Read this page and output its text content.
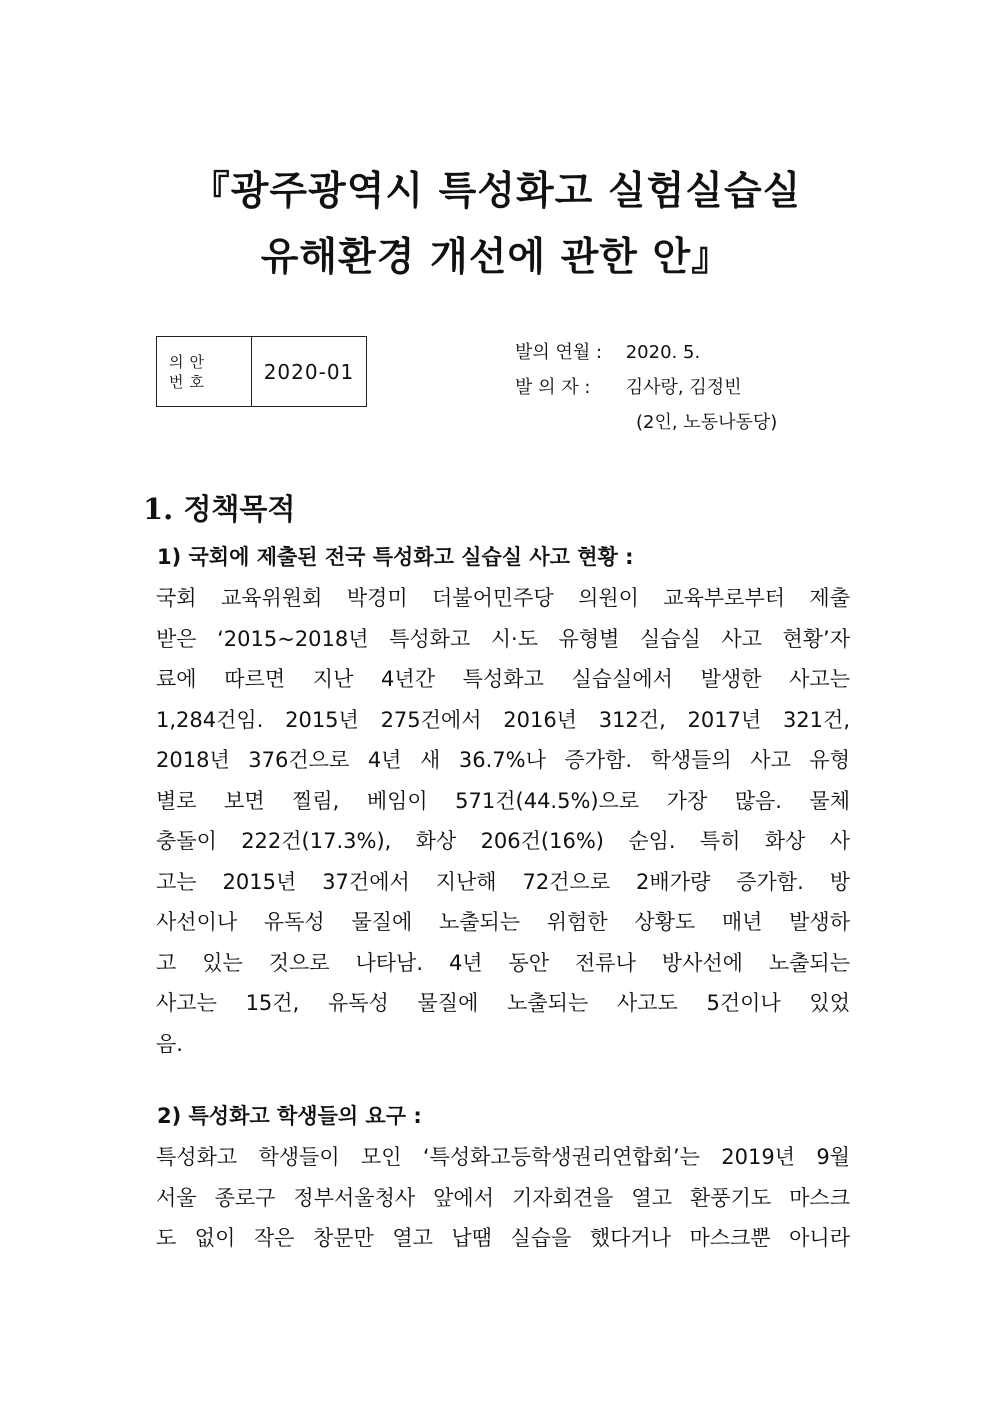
『광주광역시 특성화고 실험실습실
유해환경 개선에 관한 안』
의안
번호	2020-01
발의 연월 : 2020. 5.
발 의 자 : 김사랑, 김정빈
(2인, 노동나동당)
1. 정책목적
1) 국회에 제출된 전국 특성화고 실습실 사고 현황 :
국회 교육위원회 박경미 더불어민주당 의원이 교육부로부터 제출
받은 ‘2015~2018년 특성화고 시·도 유형별 실습실 사고 현황’자
료에 따르면 지난 4년간 특성화고 실습실에서 발생한 사고는
1,284건임. 2015년 275건에서 2016년 312건, 2017년 321건,
2018년 376건으로 4년 새 36.7%나 증가함. 학생들의 사고 유형
별로 보면 찔림, 베임이 571건(44.5%)으로 가장 많음. 물체
충돌이 222건(17.3%), 화상 206건(16%) 순임. 특히 화상 사
고는 2015년 37건에서 지난해 72건으로 2배가량 증가함. 방
사선이나 유독성 물질에 노출되는 위험한 상황도 매년 발생하
고 있는 것으로 나타남. 4년 동안 전류나 방사선에 노출되는
사고는 15건, 유독성 물질에 노출되는 사고도 5건이나 있었
음.
2) 특성화고 학생들의 요구 :
특성화고 학생들이 모인 ‘특성화고등학생권리연합회’는 2019년 9월
서울 종로구 정부서울청사 앞에서 기자회견을 열고 환풍기도 마스크
도 없이 작은 창문만 열고 납땜 실습을 했다거나 마스크뿐 아니라
